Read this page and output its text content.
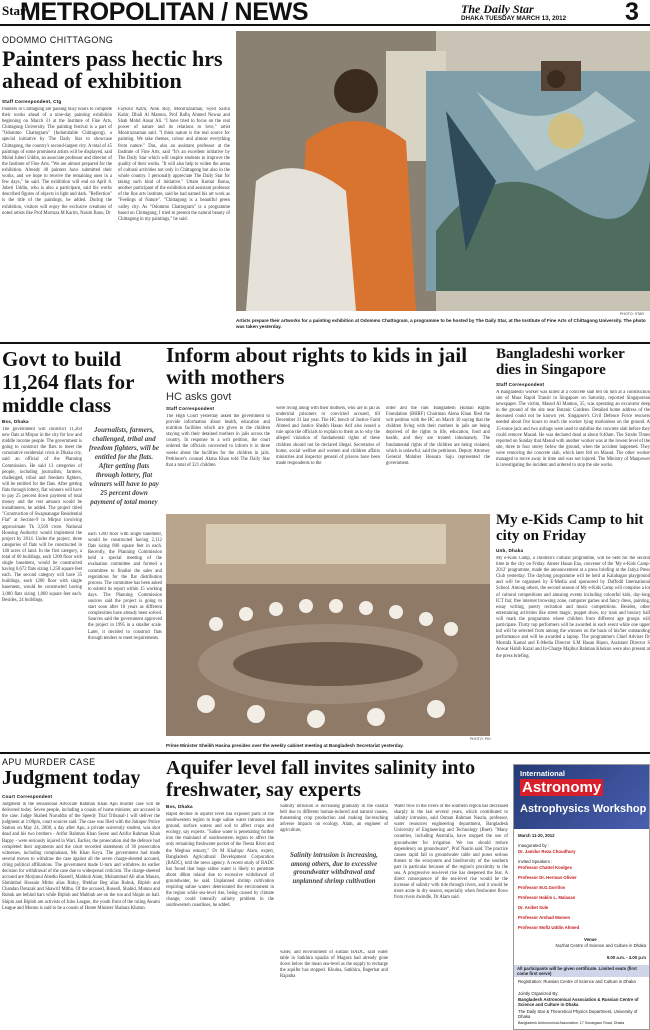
Star
METROPOLITAN / NEWS	The Daily Star
DHAKA TUESDAY MARCH 13, 2012 3
ODOMMO CHITTAGONG
Painters pass hectic hrs ahead of exhibition
Staff Correspondent, Ctg
Painters in Chittagong are passing busy hours to complete their works ahead of a nine-day painting exhibition beginning on March 31 at the Institute of Fine Arts, Chittagong University. The painting festival is a part of "Odommo Chattogram" (Indomitable Chittagong), a special initiative by The Daily Star to showcase Chittagong, the country's second-largest city. A total of 45 paintings of some prominent artists will be displayed, said Mohd Juberi Uddin, an associate professor and director of the Institute of Fine Arts. "We are almost prepared for the exhibition. Already 40 painters have submitted their works, and we hope to receive the remaining ones in a few days," he said. The exhibition will end on April 8. Juberi Uddin, who is also a participant, said his works described figures of objects in light and dark. "Reflection" is the title of the paintings, he added. During the exhibition, visitors will enjoy the exclusive creations of noted artists like Prof Mortuza M Karim, Nasim Banu, Dr
Fayezul Azim, Alok Roy, Moniruzzaman, Syed Saiful Kabir, Dhali Al Mamun, Prof Rafiq Ahmed Newaz and Shah Mohd Ansar Ali. "I have tried to focus on the real power of nature and its relations to love," artist Moniruzzaman said. "I think nature is the real source for painting. We take themes, colour and almost everything from nature." Das, also an assistant professor at the Institute of Fine Arts, said "It's an excellent initiative by The Daily Star which will inspire students to improve the quality of their works. "It will also help to widen the arena of cultural activities not only in Chittagong but also in the whole country. I personally appreciate The Daily Star for taking such kind of initiative." Uttam Kumar Barua, another participant of the exhibition and assistant professor of the fine arts institute, said he had named his art work as "Feelings of Nature". "Chittagong is a beautiful green valley city. As "Odommo Chattogram" is a programme based on Chittagong, I tried to present the natural beauty of Chittagong in my paintings," he said.
PHOTO: STAR
Artists prepare their artworks for a painting exhibition at Odommo Chattogram, a programme to be hosted by The Daily Star, at the Institute of Fine Arts of Chittagong University. The photo was taken yesterday.
Govt to build 11,264 flats for middle class
Bss, Dhaka
The government will construct 11,264 new flats at Mirpur in the city for low and middle income people. The government is going to construct the flats to meet the cumulative residential crisis in Dhaka city, said an official of the Planning Commission. He said 13 categories of people, including journalists, farmers, challenged, tribal and freedom fighters, will be entitled for the flats. After getting flats through lottery, flat winners will have to pay 25 percent down payment of total money and the rest amount would be installments, he added. The project titled "Construction of Swapnanagar Residential Flat" at Section-9 in Mirpur involving approximate Tk 3,569 crore. National Housing Authority would implement the project by 2014. Under the project, three categories of flats will be constructed in 140 acres of land. In the first category, a total of 60 buildings, each 1200 floor with single basement, would be constructed having 6,672 flats sizing 1,250 square feet each. The second category will have 35 buildings, each 1200 floor with single basement, would be constructed having 3,080 flats sizing 1,000 square feet each. Besides, 24 buildings,
Journalists, farmers, challenged, tribal and freedom fighters, will be entitled for the flats. After getting flats through lottery, flat winners will have to pay 25 percent down payment of total money
each 1200 floor with single basement, would be constructed having 2,112 flats sizing 800 square feet in each. Recently, the Planning Commission held a special meeting of the evaluation committee and formed a committee to finalise the sales and regulations for the flat distribution process. The committee has been asked to submit its report within 15 working days. The Planning Commission sources said the project is going to start soon after 18 years as different complexities have already been solved. Sources said the government approved the project in 1995 in a smaller scale. Later, it decided to construct flats through tenders to meet requirements.
Inform about rights to kids in jail with mothers
HC asks govt
Staff Correspondent
The High Court yesterday asked the government to provide information about health, education and nutrition facilities which are given to the children staying with their detained mothers in jails across the country. In response to a writ petition, the court ordered the officials concerned to inform it in three weeks about the facilities for the children in jails. Petitioner's counsel Akma Khan told The Daily Star that a total of 321 children
were living along with their mothers, who are in jail as undertrial prisoners or convicted accused, till December 31 last year. The HC bench of Justice Farid Ahmed and Justice Sheikh Hasan Arif also issued a rule upon the officials to explain to them as to why the alleged violation of fundamental rights of these children should not be declared illegal. Secretaries of home, social welfare and women and children affairs ministries and inspector general of prisons have been made respondents to the
order and the rule. Bangladesh Human Rights Foundation (BHRF) Chairman Alena Khan filed the writ petition with the HC on March 10 saying that the children living with their mothers in jails are being deprived of the rights to life, education, food and health, and they are treated inhumanely. The fundamental rights of the children are being violated, which is unlawful, said the petitioner. Deputy Attorney General Motaher Hossain Saju represented the government.
PHOTO: PID
Prime Minister Sheikh Hasina presides over the weekly cabinet meeting at Bangladesh Secretariat yesterday.
Bangladeshi worker dies in Singapore
Staff Correspondent
A Bangladeshi worker was killed at a concrete slab fell on him at a construction site of Mass Rapid Transit in Singapore on Saturday, reported Singaporean newspaper. The victim, Masud Al Mamun, 35, was operating an excavator deep in the ground of the site near Botanic Gardens. Detailed home address of the deceased could not be known yet. Singapore's Civil Defence Force rescuers needed about five hours to reach the worker lying motionless on the ground. A 15-tonne jack and two airbags were used to stabilise the concrete slab before they could remove Masud. He was declared dead at about 6:40am. The Straits Times reported on Sunday that Masud with another worker was at the lowest level of the site, three to four storey below the ground, when the accident happened. They were removing the concrete slab, which later fell on Masud. The other worker managed to move away in time and was not injured. The Ministry of Manpower is investigating the incident and ordered to stop the site works.
My e-Kids Camp to hit city on Friday
Unb, Dhaka
My e-Kids Camp, a children's cultural programme, will be held for the second time in the city on Friday. Ameer Hasan Ena, convener of the 'My e-Kids Camp-2012' programme, made the announcement at a press briefing at the Jatiya Press Club yesterday. The daylong programme will be held at Kalabagan playground and will be organised by E-Media and sponsored by Daffodil International School. Among others, the second season of My e-Kids Camp will comprise a lot of cultural competitions and amusing events including colourful kids, day-long ICT fair, free internet browsing zone, computer games and fancy dress, painting, essay writing, poetry recitation and music competitions. Besides, other entertaining activities like street magic, puppet show, toy train and bouncy ball will mark the programme where children from different age groups will participate. Thirty top performers will be awarded in each event while one upper kid will be selected from among the winners on the basis of his/her outstanding performance and will be awarded a laptop. The programme's Chief Adviser Dr Mostafa Kamal and E-Media Director S.M Hasan Ripon, Assistant Director S Anwar Habib Kazal and In-Charge Majibur Rahman Khokon were also present at the press briefing.
APU MURDER CASE
Judgment today
Court Correspondent
Judgment in the sensational Advocate Rahman Khan Apu murder case will be delivered today. Seven people, including a cousin of home minister, are accused in the case. Judge Shahed Nuruddin of the Speedy Trial Tribunal-1 will deliver the judgment at 1:00pm, court sources said. The case was filed with the Jatrapur Police Station on May 24, 2008, a day after Apu, a private university student, was shot dead and his two brothers - Arifur Rahman Khan Sezen and Azifur Rahman Khan Bappy - were seriously injured in Wari. Earlier, the prosecution and the defence had completed their arguments and the court recorded statements of 30 prosecution witnesses, including complainant, Ms Khan Keya. The government had made several moves to withdraw the case against all the seven charge-sheeted accused, citing political affiliations. The government made U-turn and withdrew its earlier decision for withdrawal of the case due to widespread criticism. The charge-sheeted accused are Morjunul Abedin Russell, Mahbub Alam, Mohammad Ali alias Manan, Shmimbul Hossain Mithu alias Ridoy, Iftekhar Beg alias Rubuk, Biplob and Chandan Derazak and Shawrif Mithu. Of the accused, Russell, Shahid, Munnu and Rubuk are behind bars while Biplob and Mahbub are on the run and Shipin on bail. Shipin and Biplob are activists of Jubo League, the youth front of the ruling Awami League and Munnu is said to be a cousin of Home Minister Shahara Khatun.
Aquifer level fall invites salinity into freshwater, say experts
Bss, Dhaka
Rapid decline in aquifer level has exposed parts of the southwestern region to huge saline water intrusion into ground, surface waters and soil to affect crops and ecology, say experts. "Saline water is penetrating further into the mainland of southwestern region to affect the only remaining freshwater pocket of the Teesta River and the Meghna estuary," Dr M Khaliqur Alam, expert, Bangladesh Agricultural Development Corporation (BADC), told the news agency. A recent study of BADC has found that huge saline water is likely to penetrate about 40km inland due to excessive withdrawal of groundwater, he said. Unplanned shrimp cultivation requiring saline waters deteriorated the environment in the region while sea-level rise, being caused by climate change, could intensify salinity problem in the southwestern coastlines, he added.
Salinity intrusion is increasing gradually in the coastal belt due to different human-induced and natural causes, threatening crop production and making far-reaching adverse impacts on ecology. Alam, an engineer of agriculture,
Salinity intrusion is increasing, among others, due to excessive groundwater withdrawal and unplanned shrimp cultivation
water, and environment of sustain BADC, said water table in Satkhira upazila of Magura had already gone down below the mean sea-level as the supply to recharge the aquifer has stopped. Khulna, Satkhira, Bagerhat and Rajanba
Water flow in the rivers of the southern region has decreased sharply in the last several years, which contributed to salinity intrusion, said Osman Rahman Nasrin, professor, water resources engineering department, Bangladesh University of Engineering and Technology (Buet). "Many countries, including Australia, have stopped the use of groundwater for irrigation. We too should reduce dependency on groundwater", Prof Nasrin said. The practice causes rapid fall in groundwater table and poses serious threats to the ecosystem and biodiversity of the southern part in particular because of the region's proximity to the sea. A progressive sea-level rise has deepened the fear. A direct consequence of the sea-level rise would be the increase of salinity with tide through rivers, and it would be more acute in dry season, especially when freshwater flows from rivers dwindle, Dr Alam said.
International
Astronomy
Astrophysics Workshop
March 11-20, 2012
Inaugurated by :
Dr. Jamilur Reza Choudhury
Invited Speakers :
Professor Chattel Koolges
Professor Dr. Herman Olivier
Professor M.G.Gorrilov
Professor Hakim L. Malasan
Dr. Aniket Sule
Professor Arshad Momen
Professor Mofiz Uddin Ahmed
Venue
Nuzhat Centre of Science and Culture in Dhaka
9.00 a.m. - 4.00 p.m
All participants will be given certificate. Limited seats (first come first serve)
Registration: Russian Centre of Science and Culture in Dhaka
Jointly Organized By:
Bangladesh Astronomical Association & Russian Centre of Science and Culture in Dhaka
The Daily Star & Theoretical Physics Department, University of Dhaka
Bangladesh Astronomical Association, 17 Sonargaon Road, Dhaka
